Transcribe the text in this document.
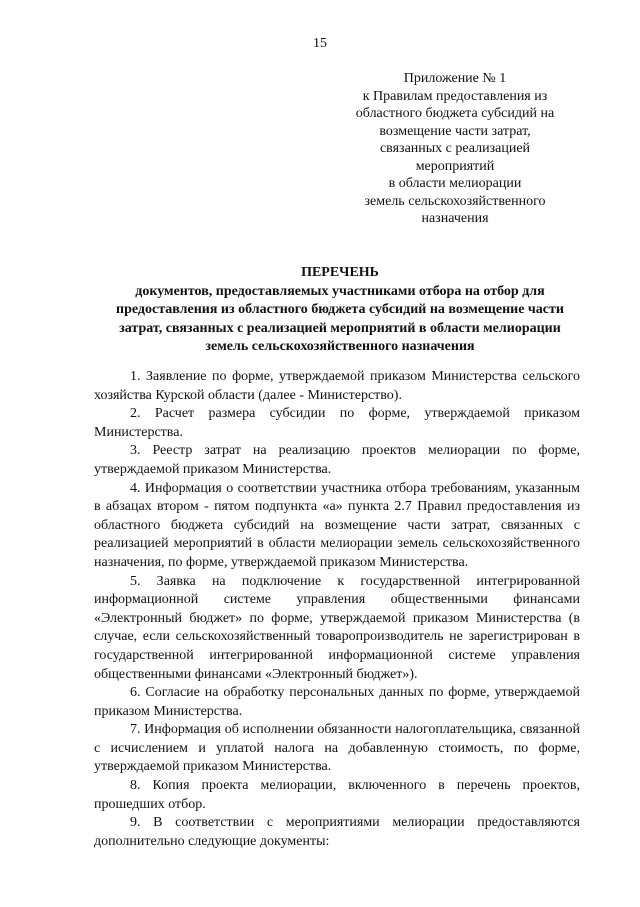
15
Приложение № 1
к Правилам предоставления из
областного бюджета субсидий на
возмещение части затрат,
связанных с реализацией
мероприятий
в области мелиорации
земель сельскохозяйственного
назначения
ПЕРЕЧЕНЬ
документов, предоставляемых участниками отбора на отбор для
предоставления из областного бюджета субсидий на возмещение части
затрат, связанных с реализацией мероприятий в области мелиорации
земель сельскохозяйственного назначения

1. Заявление по форме, утверждаемой приказом Министерства сельского хозяйства Курской области (далее - Министерство).

2. Расчет размера субсидии по форме, утверждаемой приказом Министерства.

3. Реестр затрат на реализацию проектов мелиорации по форме, утверждаемой приказом Министерства.

4. Информация о соответствии участника отбора требованиям, указанным в абзацах втором - пятом подпункта «а» пункта 2.7 Правил предоставления из областного бюджета субсидий на возмещение части затрат, связанных с реализацией мероприятий в области мелиорации земель сельскохозяйственного назначения, по форме, утверждаемой приказом Министерства.

5. Заявка на подключение к государственной интегрированной информационной системе управления общественными финансами «Электронный бюджет» по форме, утверждаемой приказом Министерства (в случае, если сельскохозяйственный товаропроизводитель не зарегистрирован в государственной интегрированной информационной системе управления общественными финансами «Электронный бюджет»).

6. Согласие на обработку персональных данных по форме, утверждаемой приказом Министерства.

7. Информация об исполнении обязанности налогоплательщика, связанной с исчислением и уплатой налога на добавленную стоимость, по форме, утверждаемой приказом Министерства.

8. Копия проекта мелиорации, включенного в перечень проектов, прошедших отбор.

9. В соответствии с мероприятиями мелиорации предоставляются дополнительно следующие документы:
